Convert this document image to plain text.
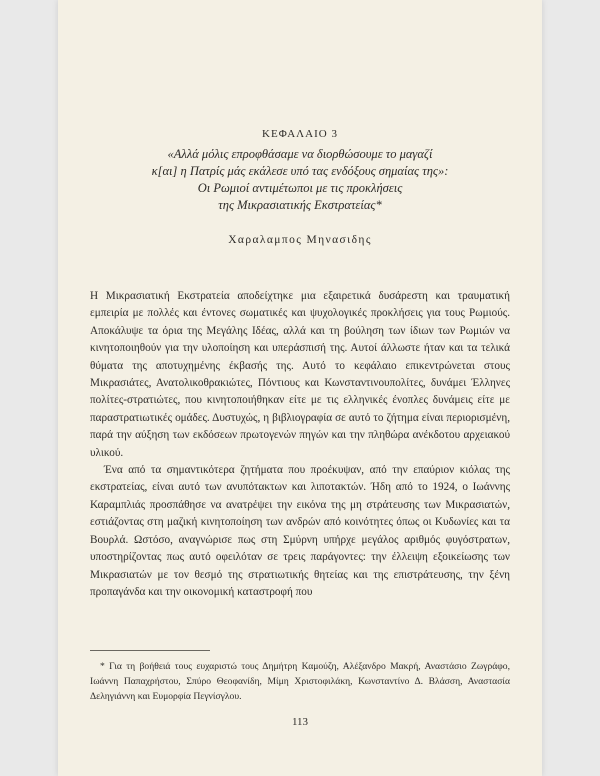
ΚΕΦΑΛΑΙΟ 3
«Αλλά μόλις επροφθάσαμε να διορθώσουμε το μαγαζί
κ[αι] η Πατρίς μάς εκάλεσε υπό τας ενδόξους σημαίας της»:
Οι Ρωμιοί αντιμέτωποι με τις προκλήσεις
της Μικρασιατικής Εκστρατείας*
Χαραλαμπος Μηνασιδης

Η Μικρασιατική Εκστρατεία αποδείχτηκε μια εξαιρετικά δυσάρεστη και τραυματική εμπειρία με πολλές και έντονες σωματικές και ψυχολογικές προκλήσεις για τους Ρωμιούς. Αποκάλυψε τα όρια της Μεγάλης Ιδέας, αλλά και τη βούληση των ίδιων των Ρωμιών να κινητοποιηθούν για την υλοποίηση και υπεράσπισή της. Αυτοί άλλωστε ήταν και τα τελικά θύματα της αποτυχημένης έκβασής της. Αυτό το κεφάλαιο επικεντρώνεται στους Μικρασιάτες, Ανατολικοθρακιώτες, Πόντιους και Κωνσταντινουπολίτες, δυνάμει Έλληνες πολίτες-στρατιώτες, που κινητοποιήθηκαν είτε με τις ελληνικές ένοπλες δυνάμεις είτε με παραστρατιωτικές ομάδες. Δυστυχώς, η βιβλιογραφία σε αυτό το ζήτημα είναι περιορισμένη, παρά την αύξηση των εκδόσεων πρωτογενών πηγών και την πληθώρα ανέκδοτου αρχειακού υλικού.

Ένα από τα σημαντικότερα ζητήματα που προέκυψαν, από την επαύριον κιόλας της εκστρατείας, είναι αυτό των ανυπότακτων και λιποτακτών. Ήδη από το 1924, ο Ιωάννης Καραμπλιάς προσπάθησε να ανατρέψει την εικόνα της μη στράτευσης των Μικρασιατών, εστιάζοντας στη μαζική κινητοποίηση των ανδρών από κοινότητες όπως οι Κυδωνίες και τα Βουρλά. Ωστόσο, αναγνώρισε πως στη Σμύρνη υπήρχε μεγάλος αριθμός φυγόστρατων, υποστηρίζοντας πως αυτό οφειλόταν σε τρεις παράγοντες: την έλλειψη εξοικείωσης των Μικρασιατών με τον θεσμό της στρατιωτικής θητείας και της επιστράτευσης, την ξένη προπαγάνδα και την οικονομική καταστροφή που

* Για τη βοήθειά τους ευχαριστώ τους Δημήτρη Καμούζη, Αλέξανδρο Μακρή, Αναστάσιο Ζωγράφο, Ιωάννη Παπαχρήστου, Σπύρο Θεοφανίδη, Μίμη Χριστοφιλάκη, Κωνσταντίνο Δ. Βλάσση, Αναστασία Δεληγιάννη και Ευμορφία Πεγνίσγλου.
113
